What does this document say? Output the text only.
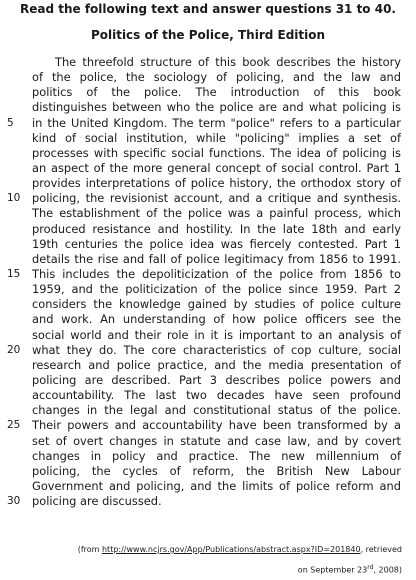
Read the following text and answer questions 31 to 40.
Politics of the Police, Third Edition
The threefold structure of this book describes the history
of the police, the sociology of policing, and the law and
politics of the police. The introduction of this book
distinguishes between who the police are and what policing is
5	in the United Kingdom. The term "police" refers to a particular
kind of social institution, while "policing" implies a set of
processes with specific social functions. The idea of policing is
an aspect of the more general concept of social control. Part 1
provides interpretations of police history, the orthodox story of
10	policing, the revisionist account, and a critique and synthesis.
The establishment of the police was a painful process, which
produced resistance and hostility. In the late 18th and early
19th centuries the police idea was fiercely contested. Part 1
details the rise and fall of police legitimacy from 1856 to 1991.
15	This includes the depoliticization of the police from 1856 to
1959, and the politicization of the police since 1959. Part 2
considers the knowledge gained by studies of police culture
and work. An understanding of how police officers see the
social world and their role in it is important to an analysis of
20	what they do. The core characteristics of cop culture, social
research and police practice, and the media presentation of
policing are described. Part 3 describes police powers and
accountability. The last two decades have seen profound
changes in the legal and constitutional status of the police.
25	Their powers and accountability have been transformed by a
set of overt changes in statute and case law, and by covert
changes in policy and practice. The new millennium of
policing, the cycles of reform, the British New Labour
Government and policing, and the limits of police reform and
30	policing are discussed.
(from http://www.ncjrs.gov/App/Publications/abstract.aspx?ID=201840, retrieved
on September 23rd, 2008)
